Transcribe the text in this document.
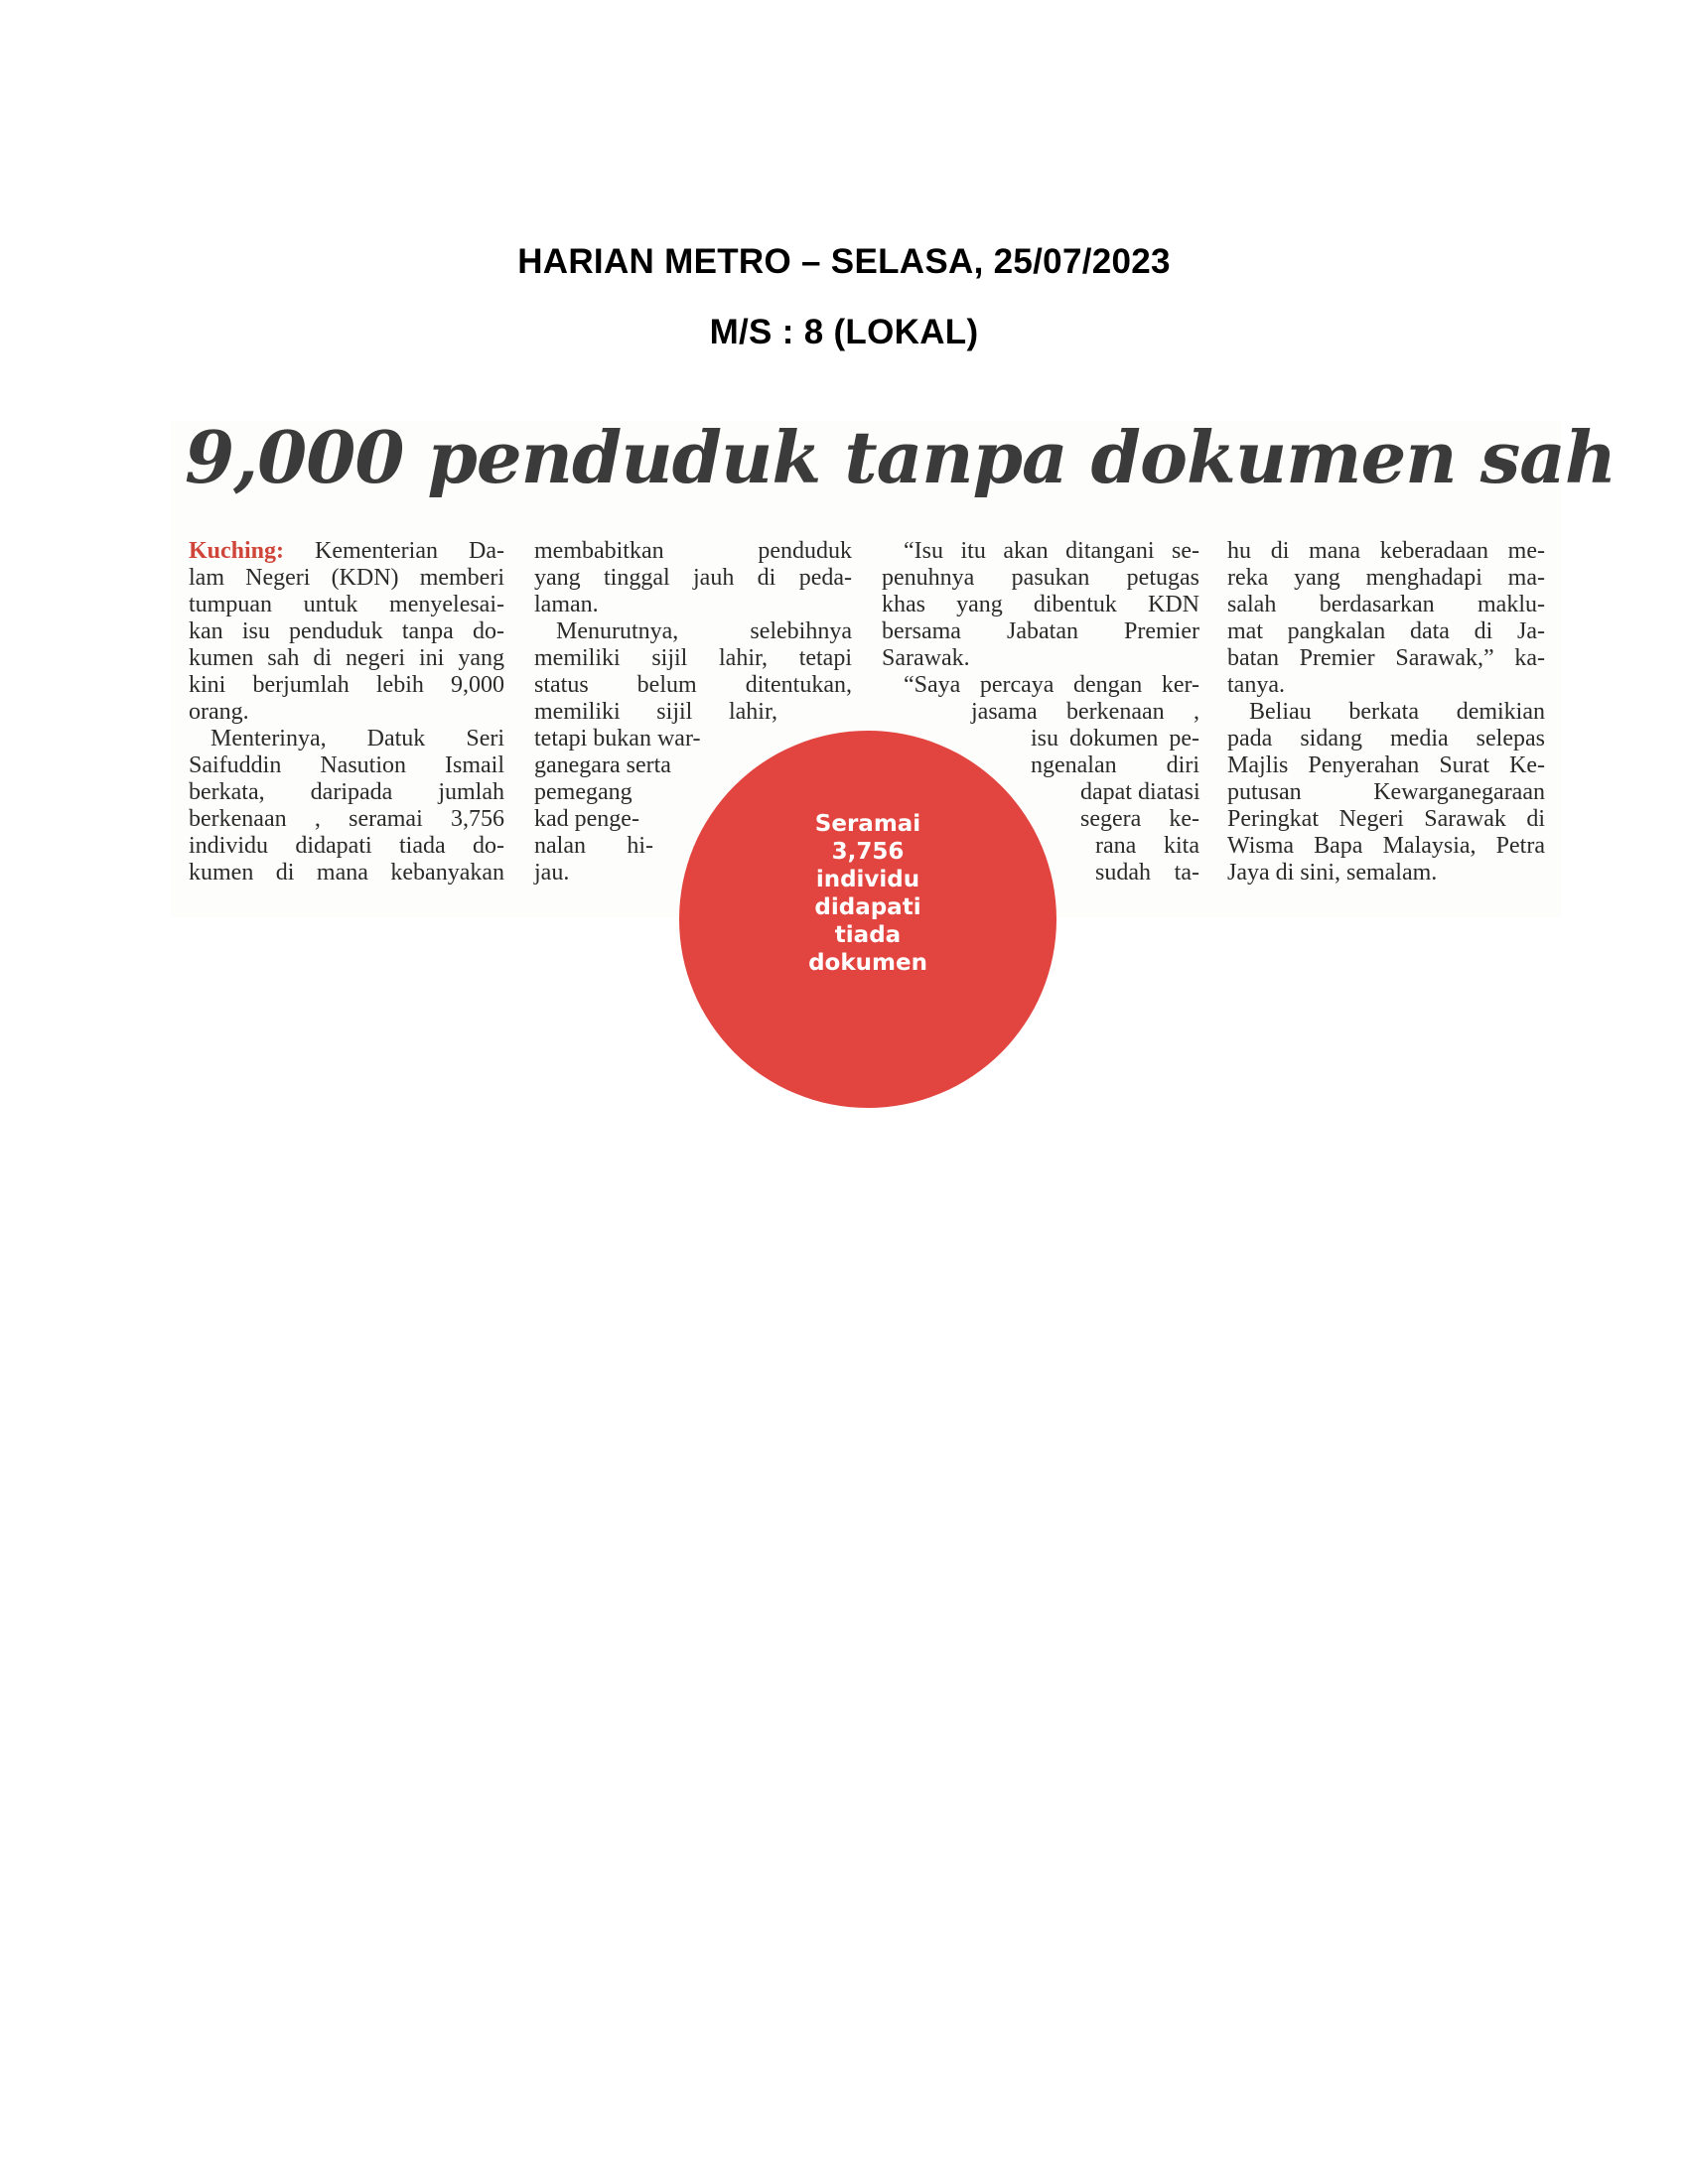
HARIAN METRO – SELASA, 25/07/2023
M/S : 8 (LOKAL)
9,000 penduduk tanpa dokumen sah
Kuching: Kementerian Da-
lam Negeri (KDN) memberi
tumpuan untuk menyelesai-
kan isu penduduk tanpa do-
kumen sah di negeri ini yang
kini berjumlah lebih 9,000
orang.
Menterinya, Datuk Seri
Saifuddin Nasution Ismail
berkata, daripada jumlah
berkenaan , seramai 3,756
individu didapati tiada do-
kumen di mana kebanyakan
membabitkan penduduk
yang tinggal jauh di peda-
laman.
Menurutnya, selebihnya
memiliki sijil lahir, tetapi
status belum ditentukan,
memiliki sijil lahir,
tetapi bukan war-
ganegara serta
pemegang
kad penge-
nalan hi-
jau.
“Isu itu akan ditangani se-
penuhnya pasukan petugas
khas yang dibentuk KDN
bersama Jabatan Premier
Sarawak.
“Saya percaya dengan ker-
jasama berkenaan ,
isu dokumen pe-
ngenalan diri
dapat diatasi
segera ke-
rana kita
sudah ta-
hu di mana keberadaan me-
reka yang menghadapi ma-
salah berdasarkan maklu-
mat pangkalan data di Ja-
batan Premier Sarawak,” ka-
tanya.
Beliau berkata demikian
pada sidang media selepas
Majlis Penyerahan Surat Ke-
putusan Kewarganegaraan
Peringkat Negeri Sarawak di
Wisma Bapa Malaysia, Petra
Jaya di sini, semalam.
Seramai 3,756 individu didapati tiada dokumen
